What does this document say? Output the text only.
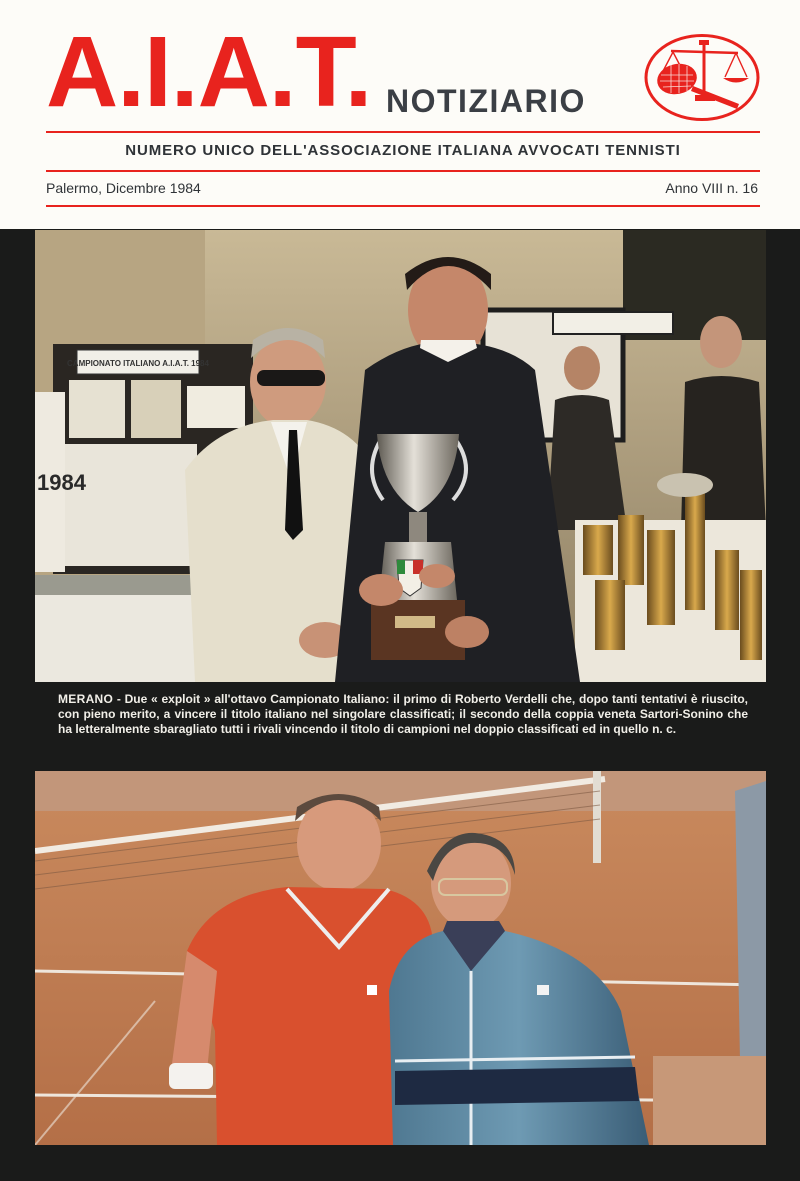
A.I.A.T. NOTIZIARIO
NUMERO UNICO DELL'ASSOCIAZIONE ITALIANA AVVOCATI TENNISTI
Palermo, Dicembre 1984	Anno VIII n. 16
CAMPIONATO ITALIANO A.I.A.T. 1984
1984
MERANO - Due « exploit » all'ottavo Campionato Italiano: il primo di Roberto Verdelli che, dopo tanti tentativi è riuscito, con pieno merito, a vincere il titolo italiano nel singolare classificati; il secondo della coppia veneta Sartori-Sonino che ha letteralmente sbaragliato tutti i rivali vincendo il titolo di campioni nel doppio classificati ed in quello n. c.
